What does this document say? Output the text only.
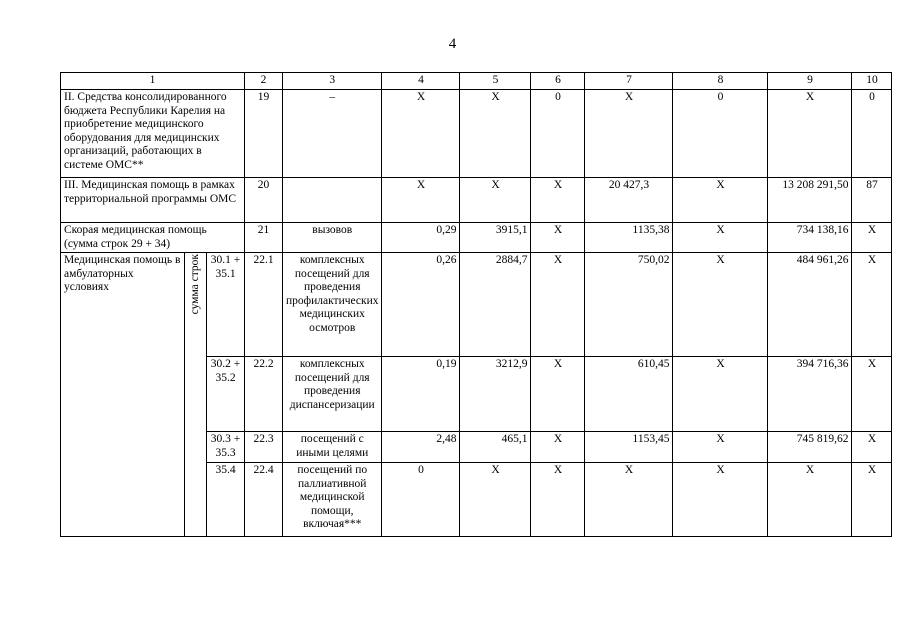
4
1			2	3	4	5	6	7	8	9	10
II. Средства консолидированного бюджета Республики Карелия на приобретение медицинского оборудования для медицинских организаций, работающих в системе ОМС**			19	–	Х	Х	0	Х	0	Х	0
III. Медицинская помощь в рамках территориальной программы ОМС			20		Х	Х	Х	20 427,3	Х	13 208 291,50	87
Скорая медицинская помощь (сумма строк 29 + 34)			21	вызовов	0,29	3915,1	Х	1135,38	Х	734 138,16	Х
Медицинская помощь в амбулаторных условиях	сумма строк	30.1 + 35.1	22.1	комплексных посещений для проведения профилактических медицинских осмотров	0,26	2884,7	Х	750,02	Х	484 961,26	Х
		30.2 + 35.2	22.2	комплексных посещений для проведения диспансеризации	0,19	3212,9	Х	610,45	Х	394 716,36	Х
		30.3 + 35.3	22.3	посещений с иными целями	2,48	465,1	Х	1153,45	Х	745 819,62	Х
		35.4	22.4	посещений по паллиативной медицинской помощи, включая***	0	Х	Х	Х	Х	Х	Х
